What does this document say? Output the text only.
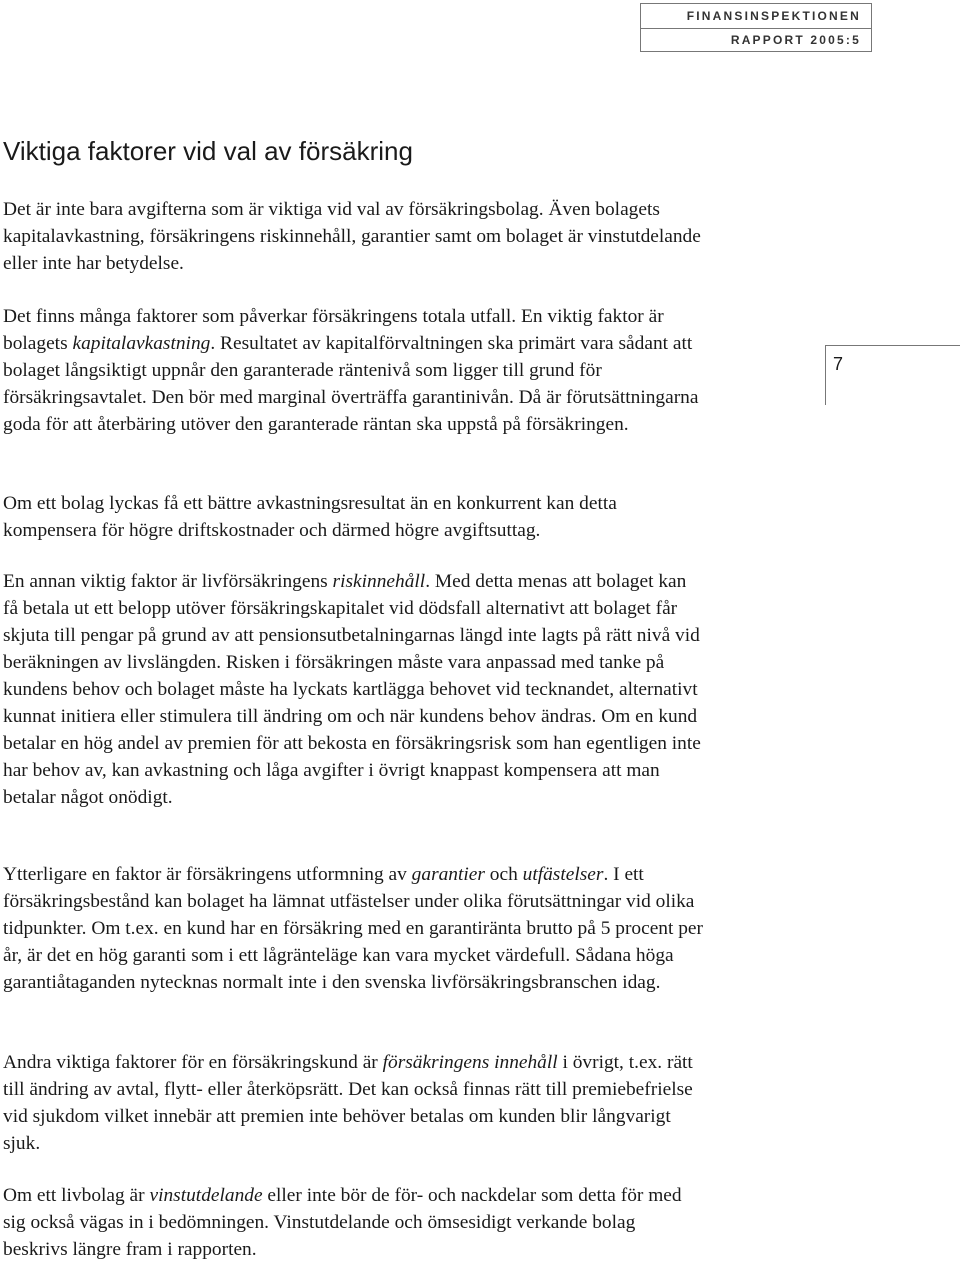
FINANSINSPEKTIONEN
RAPPORT 2005:5
7
Viktiga faktorer vid val av försäkring

Det är inte bara avgifterna som är viktiga vid val av försäkringsbolag. Även bolagets kapitalavkastning, försäkringens riskinnehåll, garantier samt om bolaget är vinstutdelande eller inte har betydelse.

Det finns många faktorer som påverkar försäkringens totala utfall. En viktig faktor är bolagets kapitalavkastning. Resultatet av kapitalförvaltningen ska primärt vara sådant att bolaget långsiktigt uppnår den garanterade räntenivå som ligger till grund för försäkringsavtalet. Den bör med marginal överträffa garantinivån. Då är förutsättningarna goda för att återbäring utöver den garanterade räntan ska uppstå på försäkringen.

Om ett bolag lyckas få ett bättre avkastningsresultat än en konkurrent kan detta kompensera för högre driftskostnader och därmed högre avgiftsuttag.

En annan viktig faktor är livförsäkringens riskinnehåll. Med detta menas att bolaget kan få betala ut ett belopp utöver försäkringskapitalet vid dödsfall alternativt att bolaget får skjuta till pengar på grund av att pensionsutbetalningarnas längd inte lagts på rätt nivå vid beräkningen av livslängden. Risken i försäkringen måste vara anpassad med tanke på kundens behov och bolaget måste ha lyckats kartlägga behovet vid tecknandet, alternativt kunnat initiera eller stimulera till ändring om och när kundens behov ändras. Om en kund betalar en hög andel av premien för att bekosta en försäkringsrisk som han egentligen inte har behov av, kan avkastning och låga avgifter i övrigt knappast kompensera att man betalar något onödigt.

Ytterligare en faktor är försäkringens utformning av garantier och utfästelser. I ett försäkringsbestånd kan bolaget ha lämnat utfästelser under olika förutsättningar vid olika tidpunkter. Om t.ex. en kund har en försäkring med en garantiränta brutto på 5 procent per år, är det en hög garanti som i ett lågränteläge kan vara mycket värdefull. Sådana höga garantiåtaganden nytecknas normalt inte i den svenska livförsäkringsbranschen idag.

Andra viktiga faktorer för en försäkringskund är försäkringens innehåll i övrigt, t.ex. rätt till ändring av avtal, flytt- eller återköpsrätt. Det kan också finnas rätt till premiebefrielse vid sjukdom vilket innebär att premien inte behöver betalas om kunden blir långvarigt sjuk.

Om ett livbolag är vinstutdelande eller inte bör de för- och nackdelar som detta för med sig också vägas in i bedömningen. Vinstutdelande och ömsesidigt verkande bolag beskrivs längre fram i rapporten.
